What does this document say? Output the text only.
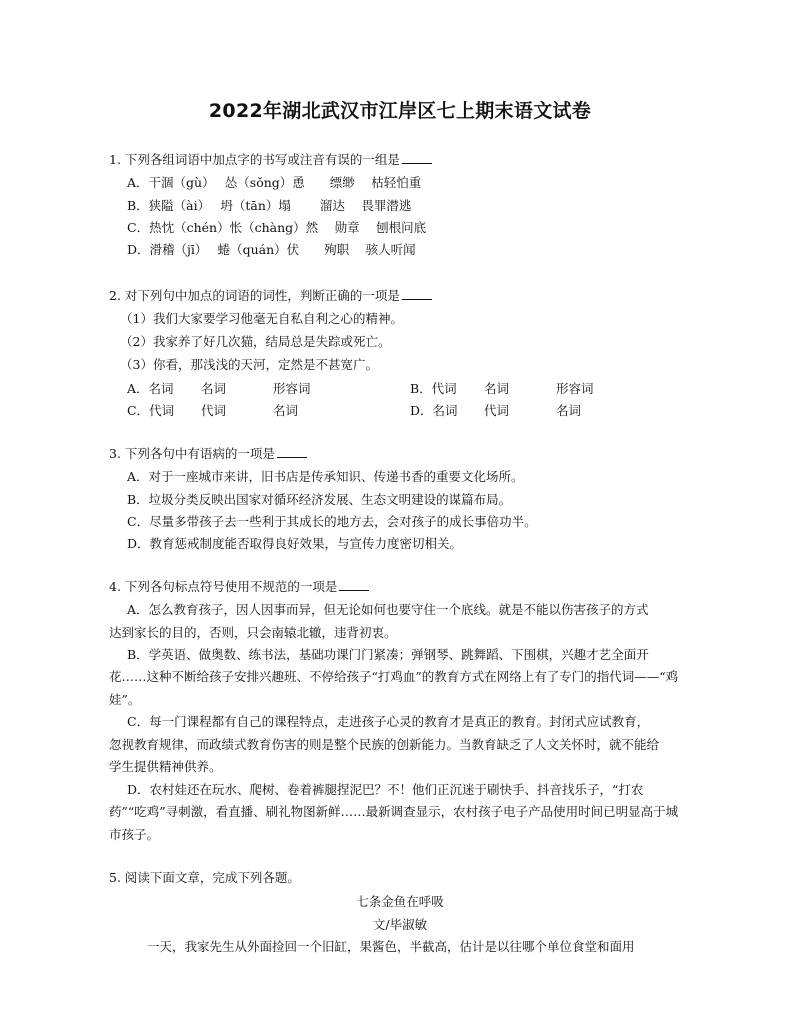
2022年湖北武汉市江岸区七上期末语文试卷
1. 下列各组词语中加点字的书写或注音有误的一组是
A．干涸（gù）　 怂（sǒng）恿　　缥缈　 枯轻怕重
B．狭隘（ài）　 坍（tān）塌　　 溜达　 畏罪潜逃
C．热忱（chén）怅（chàng）然　 勋章　 刨根问底
D．滑稽（jī）　 蜷（quán）伏　　殉职　 骇人听闻
2. 对下列句中加点的词语的词性，判断正确的一项是
（1）我们大家要学习他毫无自私自利之心的精神。
（2）我家养了好几次猫，结局总是失踪或死亡。
（3）你看，那浅浅的天河，定然是不甚宽广。
A．名词 名词	形容词	B．代词 名词	形容词
C．代词 代词	名词	D．名词 代词	名词
3. 下列各句中有语病的一项是
A．对于一座城市来讲，旧书店是传承知识、传递书香的重要文化场所。
B．垃圾分类反映出国家对循环经济发展、生态文明建设的谋篇布局。
C．尽量多带孩子去一些利于其成长的地方去，会对孩子的成长事倍功半。
D．教育惩戒制度能否取得良好效果，与宣传力度密切相关。
4. 下列各句标点符号使用不规范的一项是
A．怎么教育孩子，因人因事而异，但无论如何也要守住一个底线。就是不能以伤害孩子的方式
达到家长的目的，否则，只会南辕北辙，违背初衷。
B．学英语、做奥数、练书法，基础功课门门紧凑；弹钢琴、跳舞蹈、下围棋，兴趣才艺全面开
花……这种不断给孩子安排兴趣班、不停给孩子“打鸡血”的教育方式在网络上有了专门的指代词——“鸡
娃”。
C．每一门课程都有自己的课程特点，走进孩子心灵的教育才是真正的教育。封闭式应试教育，
忽视教育规律，而政绩式教育伤害的则是整个民族的创新能力。当教育缺乏了人文关怀时，就不能给
学生提供精神供养。
D．农村娃还在玩水、爬树、卷着裤腿捏泥巴？不！他们正沉迷于刷快手、抖音找乐子，“打农
药”“吃鸡”寻刺激，看直播、刷礼物图新鲜……最新调查显示，农村孩子电子产品使用时间已明显高于城
市孩子。
5. 阅读下面文章，完成下列各题。
七条金鱼在呼吸
文/毕淑敏
一天，我家先生从外面捡回一个旧缸，果酱色，半截高，估计是以往哪个单位食堂和面用
